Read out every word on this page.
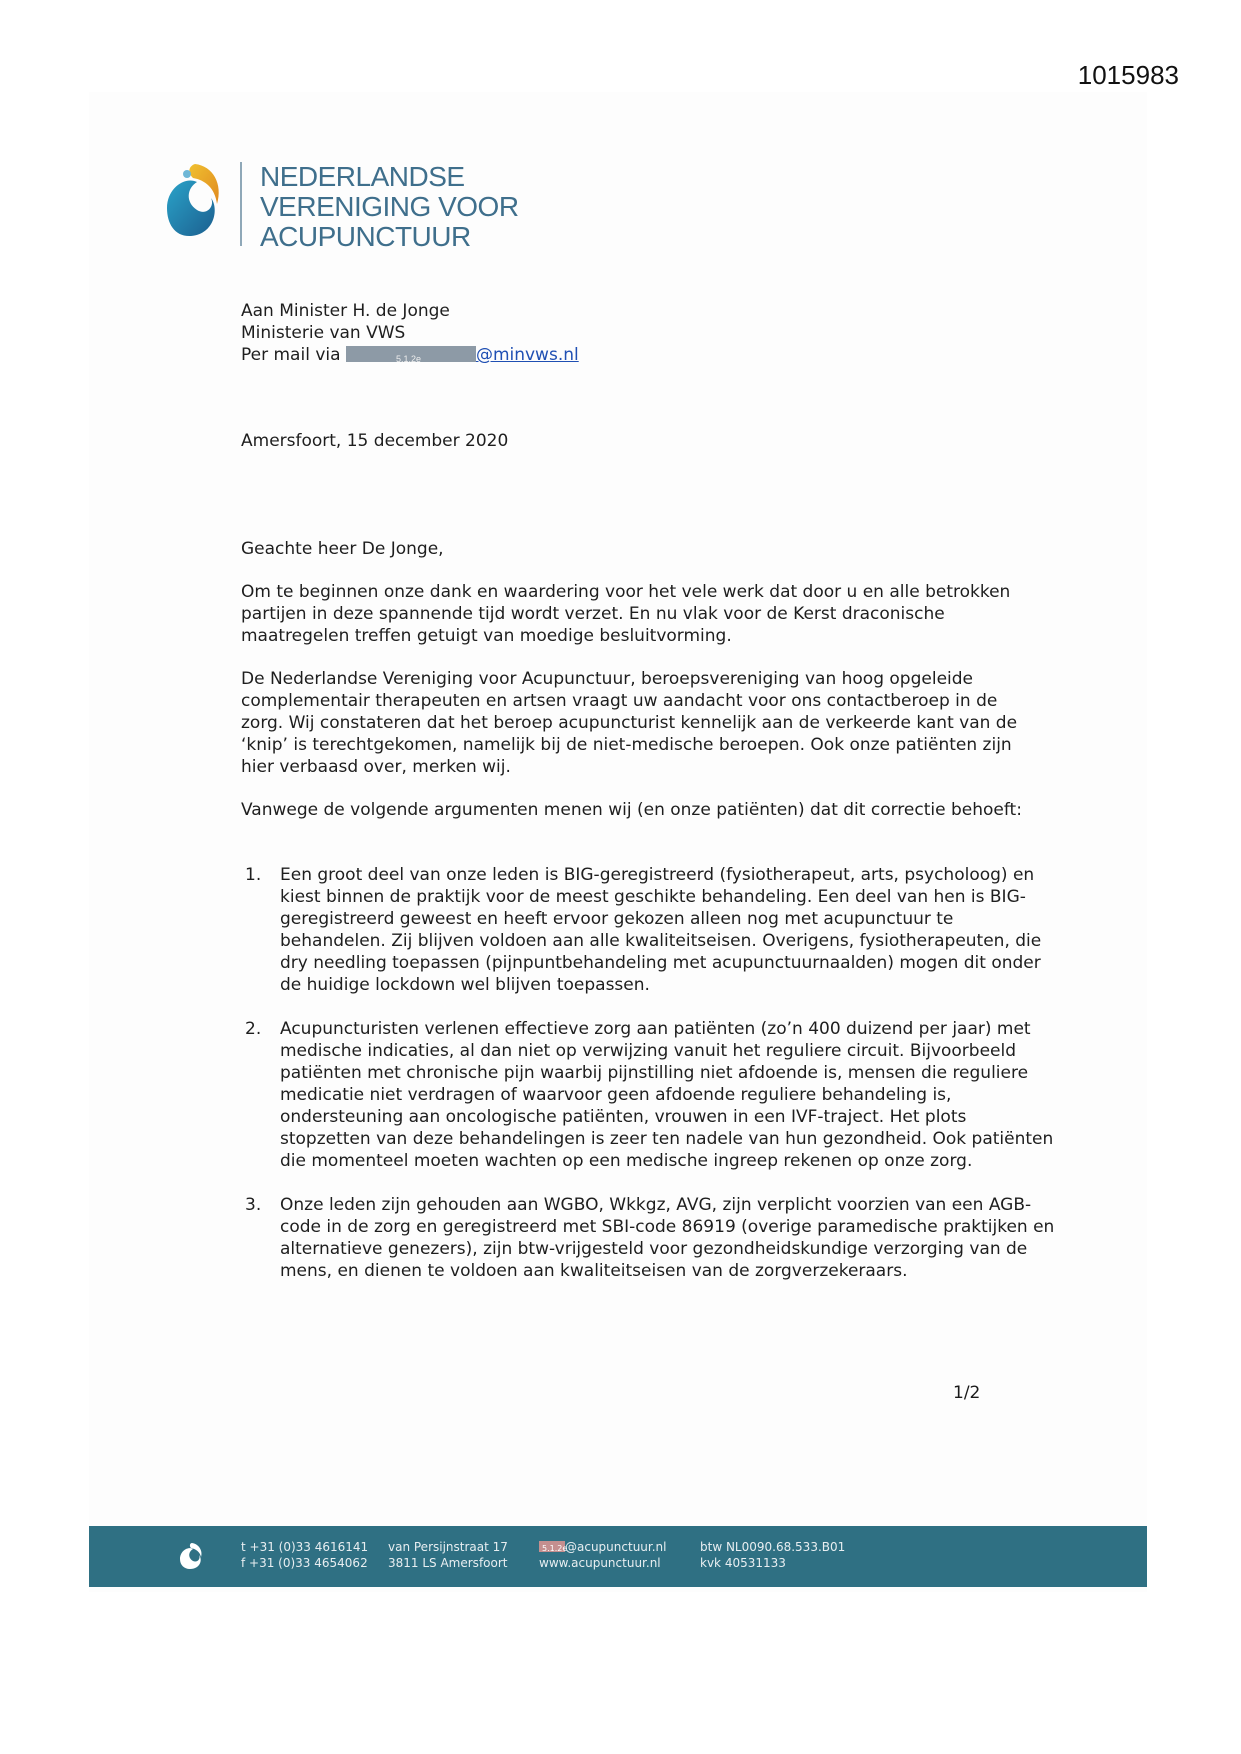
1015983
NEDERLANDSE
VERENIGING VOOR
ACUPUNCTUUR
Aan Minister H. de Jonge
Ministerie van VWS
Per mail via	5.1.2e	@minvws.nl
Amersfoort, 15 december 2020
Geachte heer De Jonge,
Om te beginnen onze dank en waardering voor het vele werk dat door u en alle betrokken partijen in deze spannende tijd wordt verzet. En nu vlak voor de Kerst draconische maatregelen treffen getuigt van moedige besluitvorming.
De Nederlandse Vereniging voor Acupunctuur, beroepsvereniging van hoog opgeleide complementair therapeuten en artsen vraagt uw aandacht voor ons contactberoep in de zorg. Wij constateren dat het beroep acupuncturist kennelijk aan de verkeerde kant van de ‘knip’ is terechtgekomen, namelijk bij de niet-medische beroepen. Ook onze patiënten zijn hier verbaasd over, merken wij.
Vanwege de volgende argumenten menen wij (en onze patiënten) dat dit correctie behoeft:
1. Een groot deel van onze leden is BIG-geregistreerd (fysiotherapeut, arts, psycholoog) en kiest binnen de praktijk voor de meest geschikte behandeling. Een deel van hen is BIG-geregistreerd geweest en heeft ervoor gekozen alleen nog met acupunctuur te behandelen. Zij blijven voldoen aan alle kwaliteitseisen. Overigens, fysiotherapeuten, die dry needling toepassen (pijnpuntbehandeling met acupunctuurnaalden) mogen dit onder de huidige lockdown wel blijven toepassen.
2. Acupuncturisten verlenen effectieve zorg aan patiënten (zo’n 400 duizend per jaar) met medische indicaties, al dan niet op verwijzing vanuit het reguliere circuit. Bijvoorbeeld patiënten met chronische pijn waarbij pijnstilling niet afdoende is, mensen die reguliere medicatie niet verdragen of waarvoor geen afdoende reguliere behandeling is, ondersteuning aan oncologische patiënten, vrouwen in een IVF-traject. Het plots stopzetten van deze behandelingen is zeer ten nadele van hun gezondheid. Ook patiënten die momenteel moeten wachten op een medische ingreep rekenen op onze zorg.
3. Onze leden zijn gehouden aan WGBO, Wkkgz, AVG, zijn verplicht voorzien van een AGB-code in de zorg en geregistreerd met SBI-code 86919 (overige paramedische praktijken en alternatieve genezers), zijn btw-vrijgesteld voor gezondheidskundige verzorging van de mens, en dienen te voldoen aan kwaliteitseisen van de zorgverzekeraars.
1/2
t +31 (0)33 4616141
f +31 (0)33 4654062
van Persijnstraat 17
3811 LS Amersfoort
5.1.2e
@acupunctuur.nl
www.acupunctuur.nl
btw NL0090.68.533.B01
kvk 40531133
